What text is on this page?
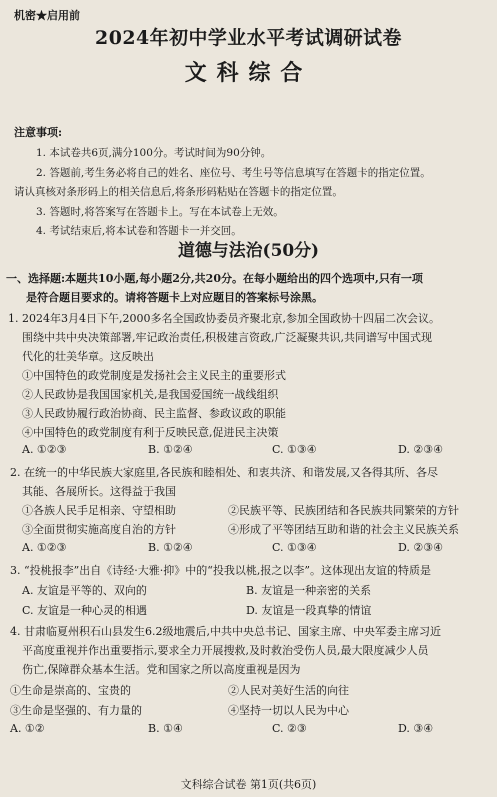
机密★启用前
2024年初中学业水平考试调研试卷
文科综合
注意事项:
1. 本试卷共6页,满分100分。考试时间为90分钟。
2. 答题前,考生务必将自己的姓名、座位号、考生号等信息填写在答题卡的指定位置。
请认真核对条形码上的相关信息后,将条形码粘贴在答题卡的指定位置。
3. 答题时,将答案写在答题卡上。写在本试卷上无效。
4. 考试结束后,将本试卷和答题卡一并交回。
道德与法治(50分)
一、选择题:本题共10小题,每小题2分,共20分。在每小题给出的四个选项中,只有一项
是符合题目要求的。请将答题卡上对应题目的答案标号涂黑。
1. 2024年3月4日下午,2000多名全国政协委员齐聚北京,参加全国政协十四届二次会议。
围绕中共中央决策部署,牢记政治责任,积极建言资政,广泛凝聚共识,共同谱写中国式现
代化的壮美华章。这反映出
①中国特色的政党制度是发扬社会主义民主的重要形式
②人民政协是我国国家机关,是我国爱国统一战线组织
③人民政协履行政治协商、民主监督、参政议政的职能
④中国特色的政党制度有利于反映民意,促进民主决策
A. ①②③	B. ①②④	C. ①③④	D. ②③④
2. 在统一的中华民族大家庭里,各民族和睦相处、和衷共济、和谐发展,又各得其所、各尽
其能、各展所长。这得益于我国
①各族人民手足相亲、守望相助	②民族平等、民族团结和各民族共同繁荣的方针
③全面贯彻实施高度自治的方针	④形成了平等团结互助和谐的社会主义民族关系
A. ①②③	B. ①②④	C. ①③④	D. ②③④
3. “投桃报李”出自《诗经·大雅·抑》中的“投我以桃,报之以李”。这体现出友谊的特质是
A. 友谊是平等的、双向的	B. 友谊是一种亲密的关系
C. 友谊是一种心灵的相遇	D. 友谊是一段真挚的情谊
4. 甘肃临夏州积石山县发生6.2级地震后,中共中央总书记、国家主席、中央军委主席习近
平高度重视并作出重要指示,要求全力开展搜救,及时救治受伤人员,最大限度减少人员
伤亡,保障群众基本生活。党和国家之所以高度重视是因为
①生命是崇高的、宝贵的	②人民对美好生活的向往
③生命是坚强的、有力量的	④坚持一切以人民为中心
A. ①②	B. ①④	C. ②③	D. ③④
文科综合试卷 第1页(共6页)
